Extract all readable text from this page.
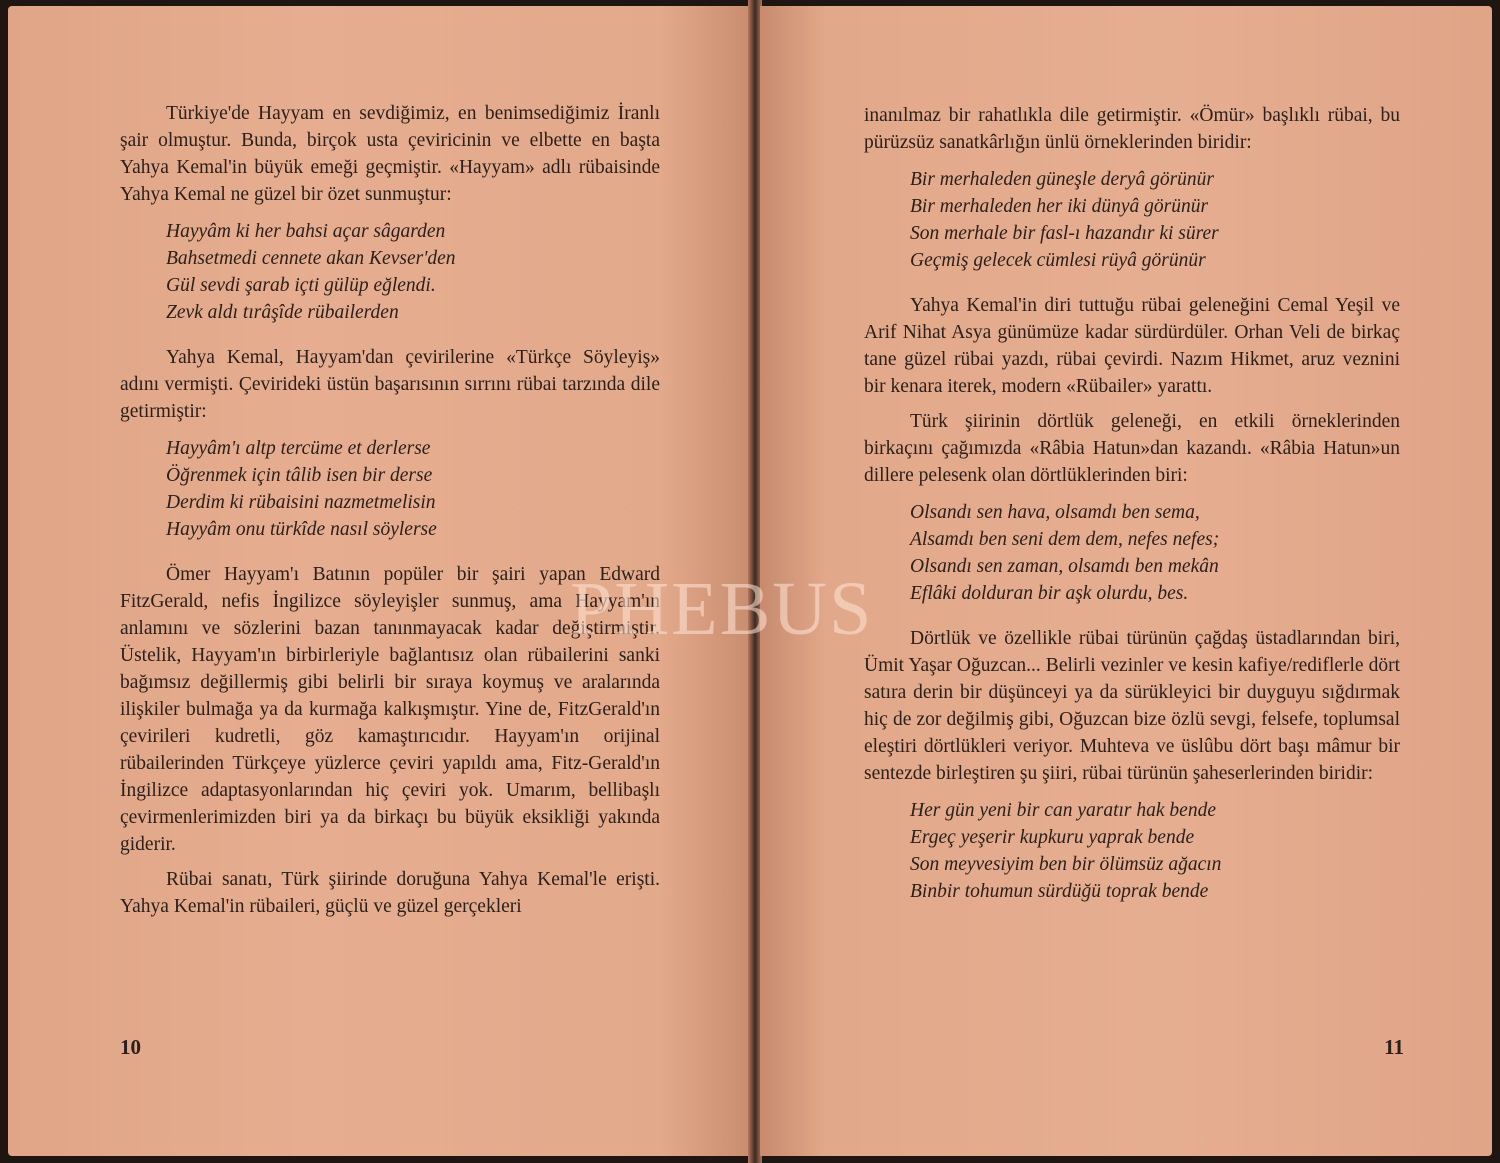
Türkiye'de Hayyam en sevdiğimiz, en benimsediğimiz İranlı şair olmuştur. Bunda, birçok usta çeviricinin ve elbette en başta Yahya Kemal'in büyük emeği geçmiştir. «Hayyam» adlı rübaisinde Yahya Kemal ne güzel bir özet sunmuştur:

Hayyâm ki her bahsi açar sâgarden
Bahsetmedi cennete akan Kevser'den
Gül sevdi şarab içti gülüp eğlendi.
Zevk aldı tırâşîde rübailerden

Yahya Kemal, Hayyam'dan çevirilerine «Türkçe Söyleyiş» adını vermişti. Çevirideki üstün başarısının sırrını rübai tarzında dile getirmiştir:

Hayyâm'ı altp tercüme et derlerse
Öğrenmek için tâlib isen bir derse
Derdim ki rübaisini nazmetmelisin
Hayyâm onu türkîde nasıl söylerse

Ömer Hayyam'ı Batının popüler bir şairi yapan Edward FitzGerald, nefis İngilizce söyleyişler sunmuş, ama Hayyam'ın anlamını ve sözlerini bazan tanınmayacak kadar değiştirmiştir. Üstelik, Hayyam'ın birbirleriyle bağlantısız olan rübailerini sanki bağımsız değillermiş gibi belirli bir sıraya koymuş ve aralarında ilişkiler bulmağa ya da kurmağa kalkışmıştır. Yine de, FitzGerald'ın çevirileri kudretli, göz kamaştırıcıdır. Hayyam'ın orijinal rübailerinden Türkçeye yüzlerce çeviri yapıldı ama, Fitz-Gerald'ın İngilizce adaptasyonlarından hiç çeviri yok. Umarım, bellibaşlı çevirmenlerimizden biri ya da birkaçı bu büyük eksikliği yakında giderir.

Rübai sanatı, Türk şiirinde doruğuna Yahya Kemal'le erişti. Yahya Kemal'in rübaileri, güçlü ve güzel gerçekleri

10

inanılmaz bir rahatlıkla dile getirmiştir. «Ömür» başlıklı rübai, bu pürüzsüz sanatkârlığın ünlü örneklerinden biridir:

Bir merhaleden güneşle deryâ görünür
Bir merhaleden her iki dünyâ görünür
Son merhale bir fasl-ı hazandır ki sürer
Geçmiş gelecek cümlesi rüyâ görünür

Yahya Kemal'in diri tuttuğu rübai geleneğini Cemal Yeşil ve Arif Nihat Asya günümüze kadar sürdürdüler. Orhan Veli de birkaç tane güzel rübai yazdı, rübai çevirdi. Nazım Hikmet, aruz veznini bir kenara iterek, modern «Rübailer» yarattı.

Türk şiirinin dörtlük geleneği, en etkili örneklerinden birkaçını çağımızda «Râbia Hatun»dan kazandı. «Râbia Hatun»un dillere pelesenk olan dörtlüklerinden biri:

Olsandı sen hava, olsamdı ben sema,
Alsamdı ben seni dem dem, nefes nefes;
Olsandı sen zaman, olsamdı ben mekân
Eflâki dolduran bir aşk olurdu, bes.

Dörtlük ve özellikle rübai türünün çağdaş üstadlarından biri, Ümit Yaşar Oğuzcan... Belirli vezinler ve kesin kafiye/rediflerle dört satıra derin bir düşünceyi ya da sürükleyici bir duyguyu sığdırmak hiç de zor değilmiş gibi, Oğuzcan bize özlü sevgi, felsefe, toplumsal eleştiri dörtlükleri veriyor. Muhteva ve üslûbu dört başı mâmur bir sentezde birleştiren şu şiiri, rübai türünün şaheserlerinden biridir:

Her gün yeni bir can yaratır hak bende
Ergeç yeşerir kupkuru yaprak bende
Son meyvesiyim ben bir ölümsüz ağacın
Binbir tohumun sürdüğü toprak bende
11
PHEBUS
